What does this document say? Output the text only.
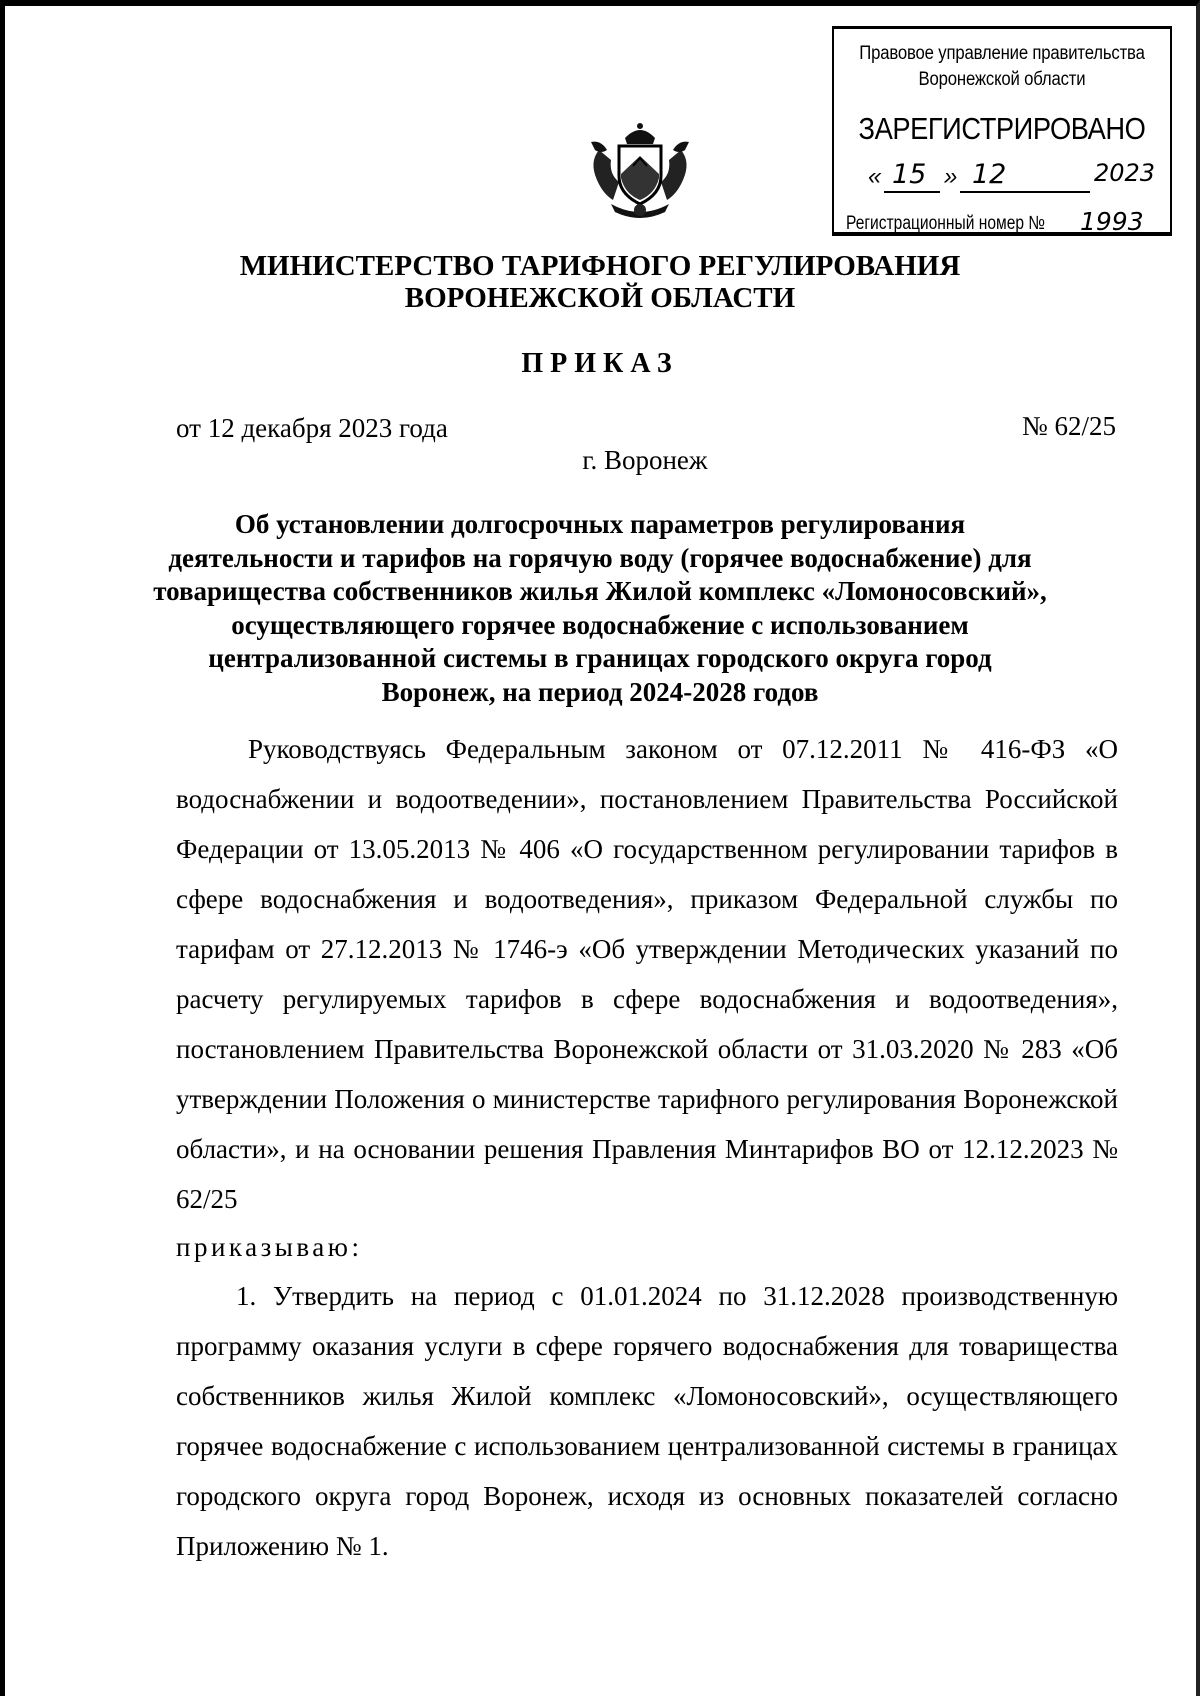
Правовое управление правительства
Воронежской области
ЗАРЕГИСТРИРОВАНО
« 15 » 12	2023
Регистрационный номер № 1993
МИНИСТЕРСТВО ТАРИФНОГО РЕГУЛИРОВАНИЯ
ВОРОНЕЖСКОЙ ОБЛАСТИ
ПРИКАЗ
от 12 декабря 2023 года	№ 62/25
г. Воронеж
Об установлении долгосрочных параметров регулирования деятельности и тарифов на горячую воду (горячее водоснабжение) для товарищества собственников жилья Жилой комплекс «Ломоносовский», осуществляющего горячее водоснабжение с использованием централизованной системы в границах городского округа город Воронеж, на период 2024-2028 годов
Руководствуясь Федеральным законом от 07.12.2011 № 416-ФЗ «О водоснабжении и водоотведении», постановлением Правительства Российской Федерации от 13.05.2013 № 406 «О государственном регулировании тарифов в сфере водоснабжения и водоотведения», приказом Федеральной службы по тарифам от 27.12.2013 № 1746-э «Об утверждении Методических указаний по расчету регулируемых тарифов в сфере водоснабжения и водоотведения», постановлением Правительства Воронежской области от 31.03.2020 № 283 «Об утверждении Положения о министерстве тарифного регулирования Воронежской области», и на основании решения Правления Минтарифов ВО от 12.12.2023 № 62/25
приказываю:
1. Утвердить на период с 01.01.2024 по 31.12.2028 производственную программу оказания услуги в сфере горячего водоснабжения для товарищества собственников жилья Жилой комплекс «Ломоносовский», осуществляющего горячее водоснабжение с использованием централизованной системы в границах городского округа город Воронеж, исходя из основных показателей согласно Приложению № 1.
